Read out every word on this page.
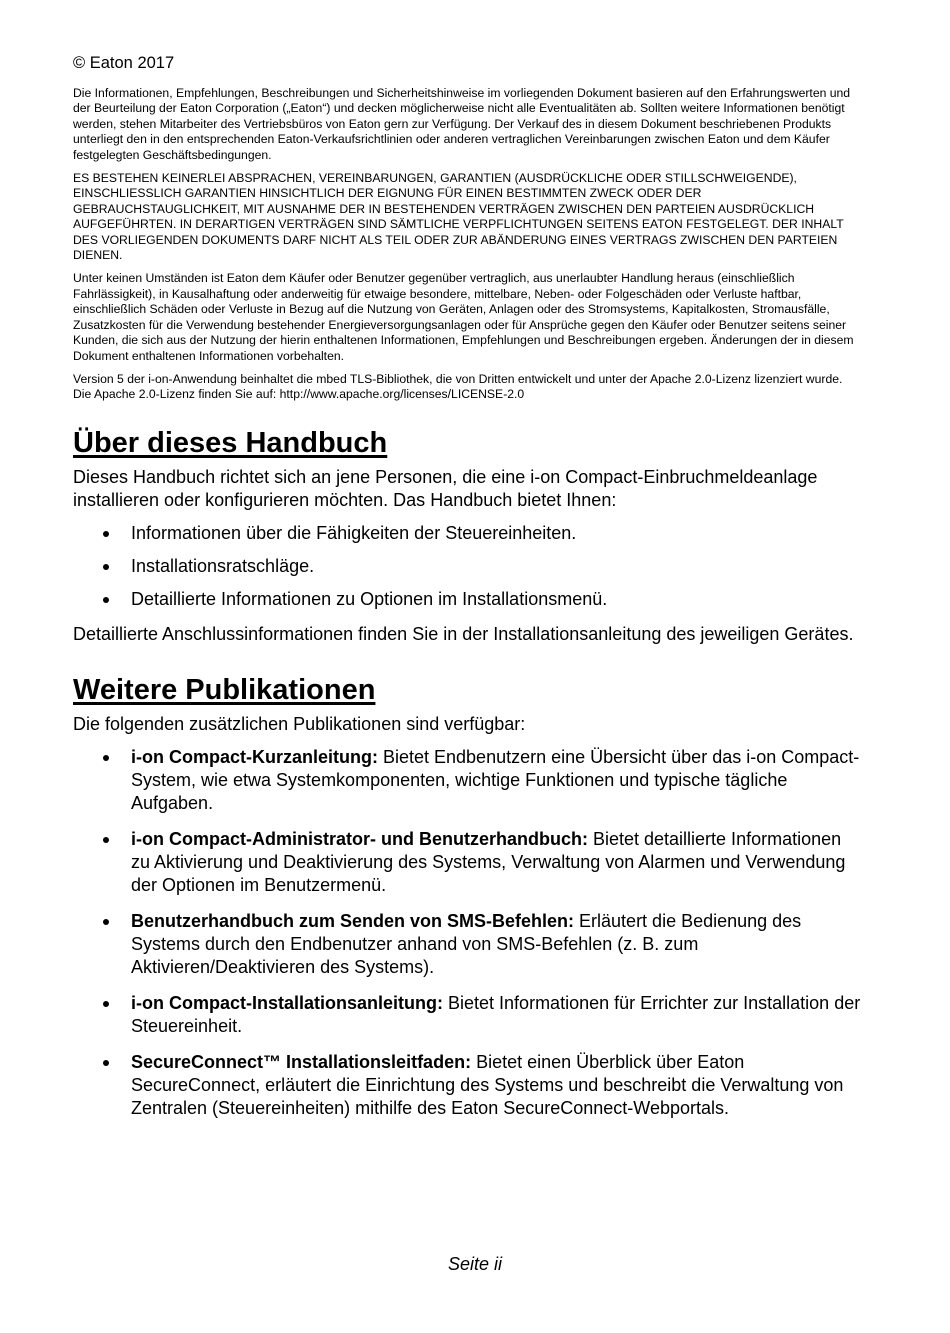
© Eaton 2017

Die Informationen, Empfehlungen, Beschreibungen und Sicherheitshinweise im vorliegenden Dokument basieren auf den Erfahrungswerten und der Beurteilung der Eaton Corporation („Eaton“) und decken möglicherweise nicht alle Eventualitäten ab. Sollten weitere Informationen benötigt werden, stehen Mitarbeiter des Vertriebsbüros von Eaton gern zur Verfügung. Der Verkauf des in diesem Dokument beschriebenen Produkts unterliegt den in den entsprechenden Eaton-Verkaufsrichtlinien oder anderen vertraglichen Vereinbarungen zwischen Eaton und dem Käufer festgelegten Geschäftsbedingungen.

ES BESTEHEN KEINERLEI ABSPRACHEN, VEREINBARUNGEN, GARANTIEN (AUSDRÜCKLICHE ODER STILLSCHWEIGENDE), EINSCHLIESSLICH GARANTIEN HINSICHTLICH DER EIGNUNG FÜR EINEN BESTIMMTEN ZWECK ODER DER GEBRAUCHSTAUGLICHKEIT, MIT AUSNAHME DER IN BESTEHENDEN VERTRÄGEN ZWISCHEN DEN PARTEIEN AUSDRÜCKLICH AUFGEFÜHRTEN. IN DERARTIGEN VERTRÄGEN SIND SÄMTLICHE VERPFLICHTUNGEN SEITENS EATON FESTGELEGT. DER INHALT DES VORLIEGENDEN DOKUMENTS DARF NICHT ALS TEIL ODER ZUR ABÄNDERUNG EINES VERTRAGS ZWISCHEN DEN PARTEIEN DIENEN.

Unter keinen Umständen ist Eaton dem Käufer oder Benutzer gegenüber vertraglich, aus unerlaubter Handlung heraus (einschließlich Fahrlässigkeit), in Kausalhaftung oder anderweitig für etwaige besondere, mittelbare, Neben- oder Folgeschäden oder Verluste haftbar, einschließlich Schäden oder Verluste in Bezug auf die Nutzung von Geräten, Anlagen oder des Stromsystems, Kapitalkosten, Stromausfälle, Zusatzkosten für die Verwendung bestehender Energieversorgungsanlagen oder für Ansprüche gegen den Käufer oder Benutzer seitens seiner Kunden, die sich aus der Nutzung der hierin enthaltenen Informationen, Empfehlungen und Beschreibungen ergeben. Änderungen der in diesem Dokument enthaltenen Informationen vorbehalten.

Version 5 der i-on-Anwendung beinhaltet die mbed TLS-Bibliothek, die von Dritten entwickelt und unter der Apache 2.0-Lizenz lizenziert wurde. Die Apache 2.0-Lizenz finden Sie auf: http://www.apache.org/licenses/LICENSE-2.0

Über dieses Handbuch

Dieses Handbuch richtet sich an jene Personen, die eine i-on Compact-Einbruchmeldeanlage installieren oder konfigurieren möchten. Das Handbuch bietet Ihnen:

Informationen über die Fähigkeiten der Steuereinheiten.
Installationsratschläge.
Detaillierte Informationen zu Optionen im Installationsmenü.

Detaillierte Anschlussinformationen finden Sie in der Installationsanleitung des jeweiligen Gerätes.

Weitere Publikationen

Die folgenden zusätzlichen Publikationen sind verfügbar:

i-on Compact-Kurzanleitung: Bietet Endbenutzern eine Übersicht über das i-on Compact-System, wie etwa Systemkomponenten, wichtige Funktionen und typische tägliche Aufgaben.
i-on Compact-Administrator- und Benutzerhandbuch: Bietet detaillierte Informationen zu Aktivierung und Deaktivierung des Systems, Verwaltung von Alarmen und Verwendung der Optionen im Benutzermenü.
Benutzerhandbuch zum Senden von SMS-Befehlen: Erläutert die Bedienung des Systems durch den Endbenutzer anhand von SMS-Befehlen (z. B. zum Aktivieren/Deaktivieren des Systems).
i-on Compact-Installationsanleitung: Bietet Informationen für Errichter zur Installation der Steuereinheit.
SecureConnect™ Installationsleitfaden: Bietet einen Überblick über Eaton SecureConnect, erläutert die Einrichtung des Systems und beschreibt die Verwaltung von Zentralen (Steuereinheiten) mithilfe des Eaton SecureConnect-Webportals.
Seite ii
